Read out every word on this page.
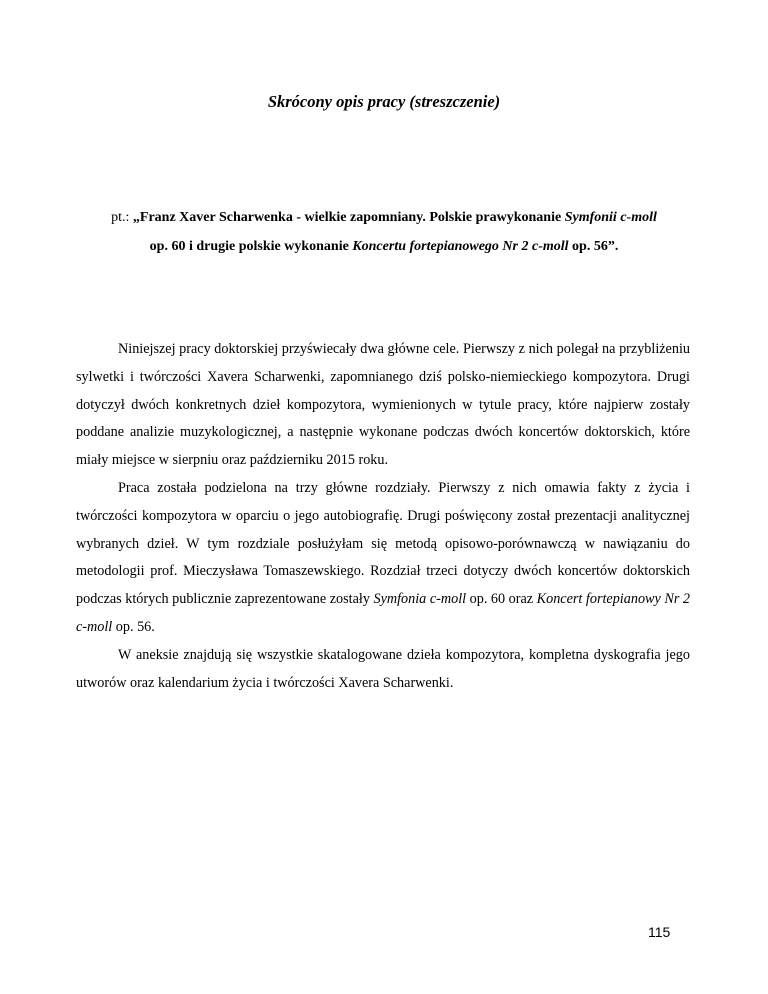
Skrócony opis pracy (streszczenie)
pt.: „Franz Xaver Scharwenka - wielkie zapomniany. Polskie prawykonanie Symfonii c-moll
op. 60 i drugie polskie wykonanie Koncertu fortepianowego Nr 2 c-moll op. 56”.

Niniejszej pracy doktorskiej przyświecały dwa główne cele. Pierwszy z nich polegał na przybliżeniu sylwetki i twórczości Xavera Scharwenki, zapomnianego dziś polsko-niemieckiego kompozytora. Drugi dotyczył dwóch konkretnych dzieł kompozytora, wymienionych w tytule pracy, które najpierw zostały poddane analizie muzykologicznej, a następnie wykonane podczas dwóch koncertów doktorskich, które miały miejsce w sierpniu oraz październiku 2015 roku.

Praca została podzielona na trzy główne rozdziały. Pierwszy z nich omawia fakty z życia i twórczości kompozytora w oparciu o jego autobiografię. Drugi poświęcony został prezentacji analitycznej wybranych dzieł. W tym rozdziale posłużyłam się metodą opisowo-porównawczą w nawiązaniu do metodologii prof. Mieczysława Tomaszewskiego. Rozdział trzeci dotyczy dwóch koncertów doktorskich podczas których publicznie zaprezentowane zostały Symfonia c-moll op. 60 oraz Koncert fortepianowy Nr 2 c-moll op. 56.

W aneksie znajdują się wszystkie skatalogowane dzieła kompozytora, kompletna dyskografia jego utworów oraz kalendarium życia i twórczości Xavera Scharwenki.

115
